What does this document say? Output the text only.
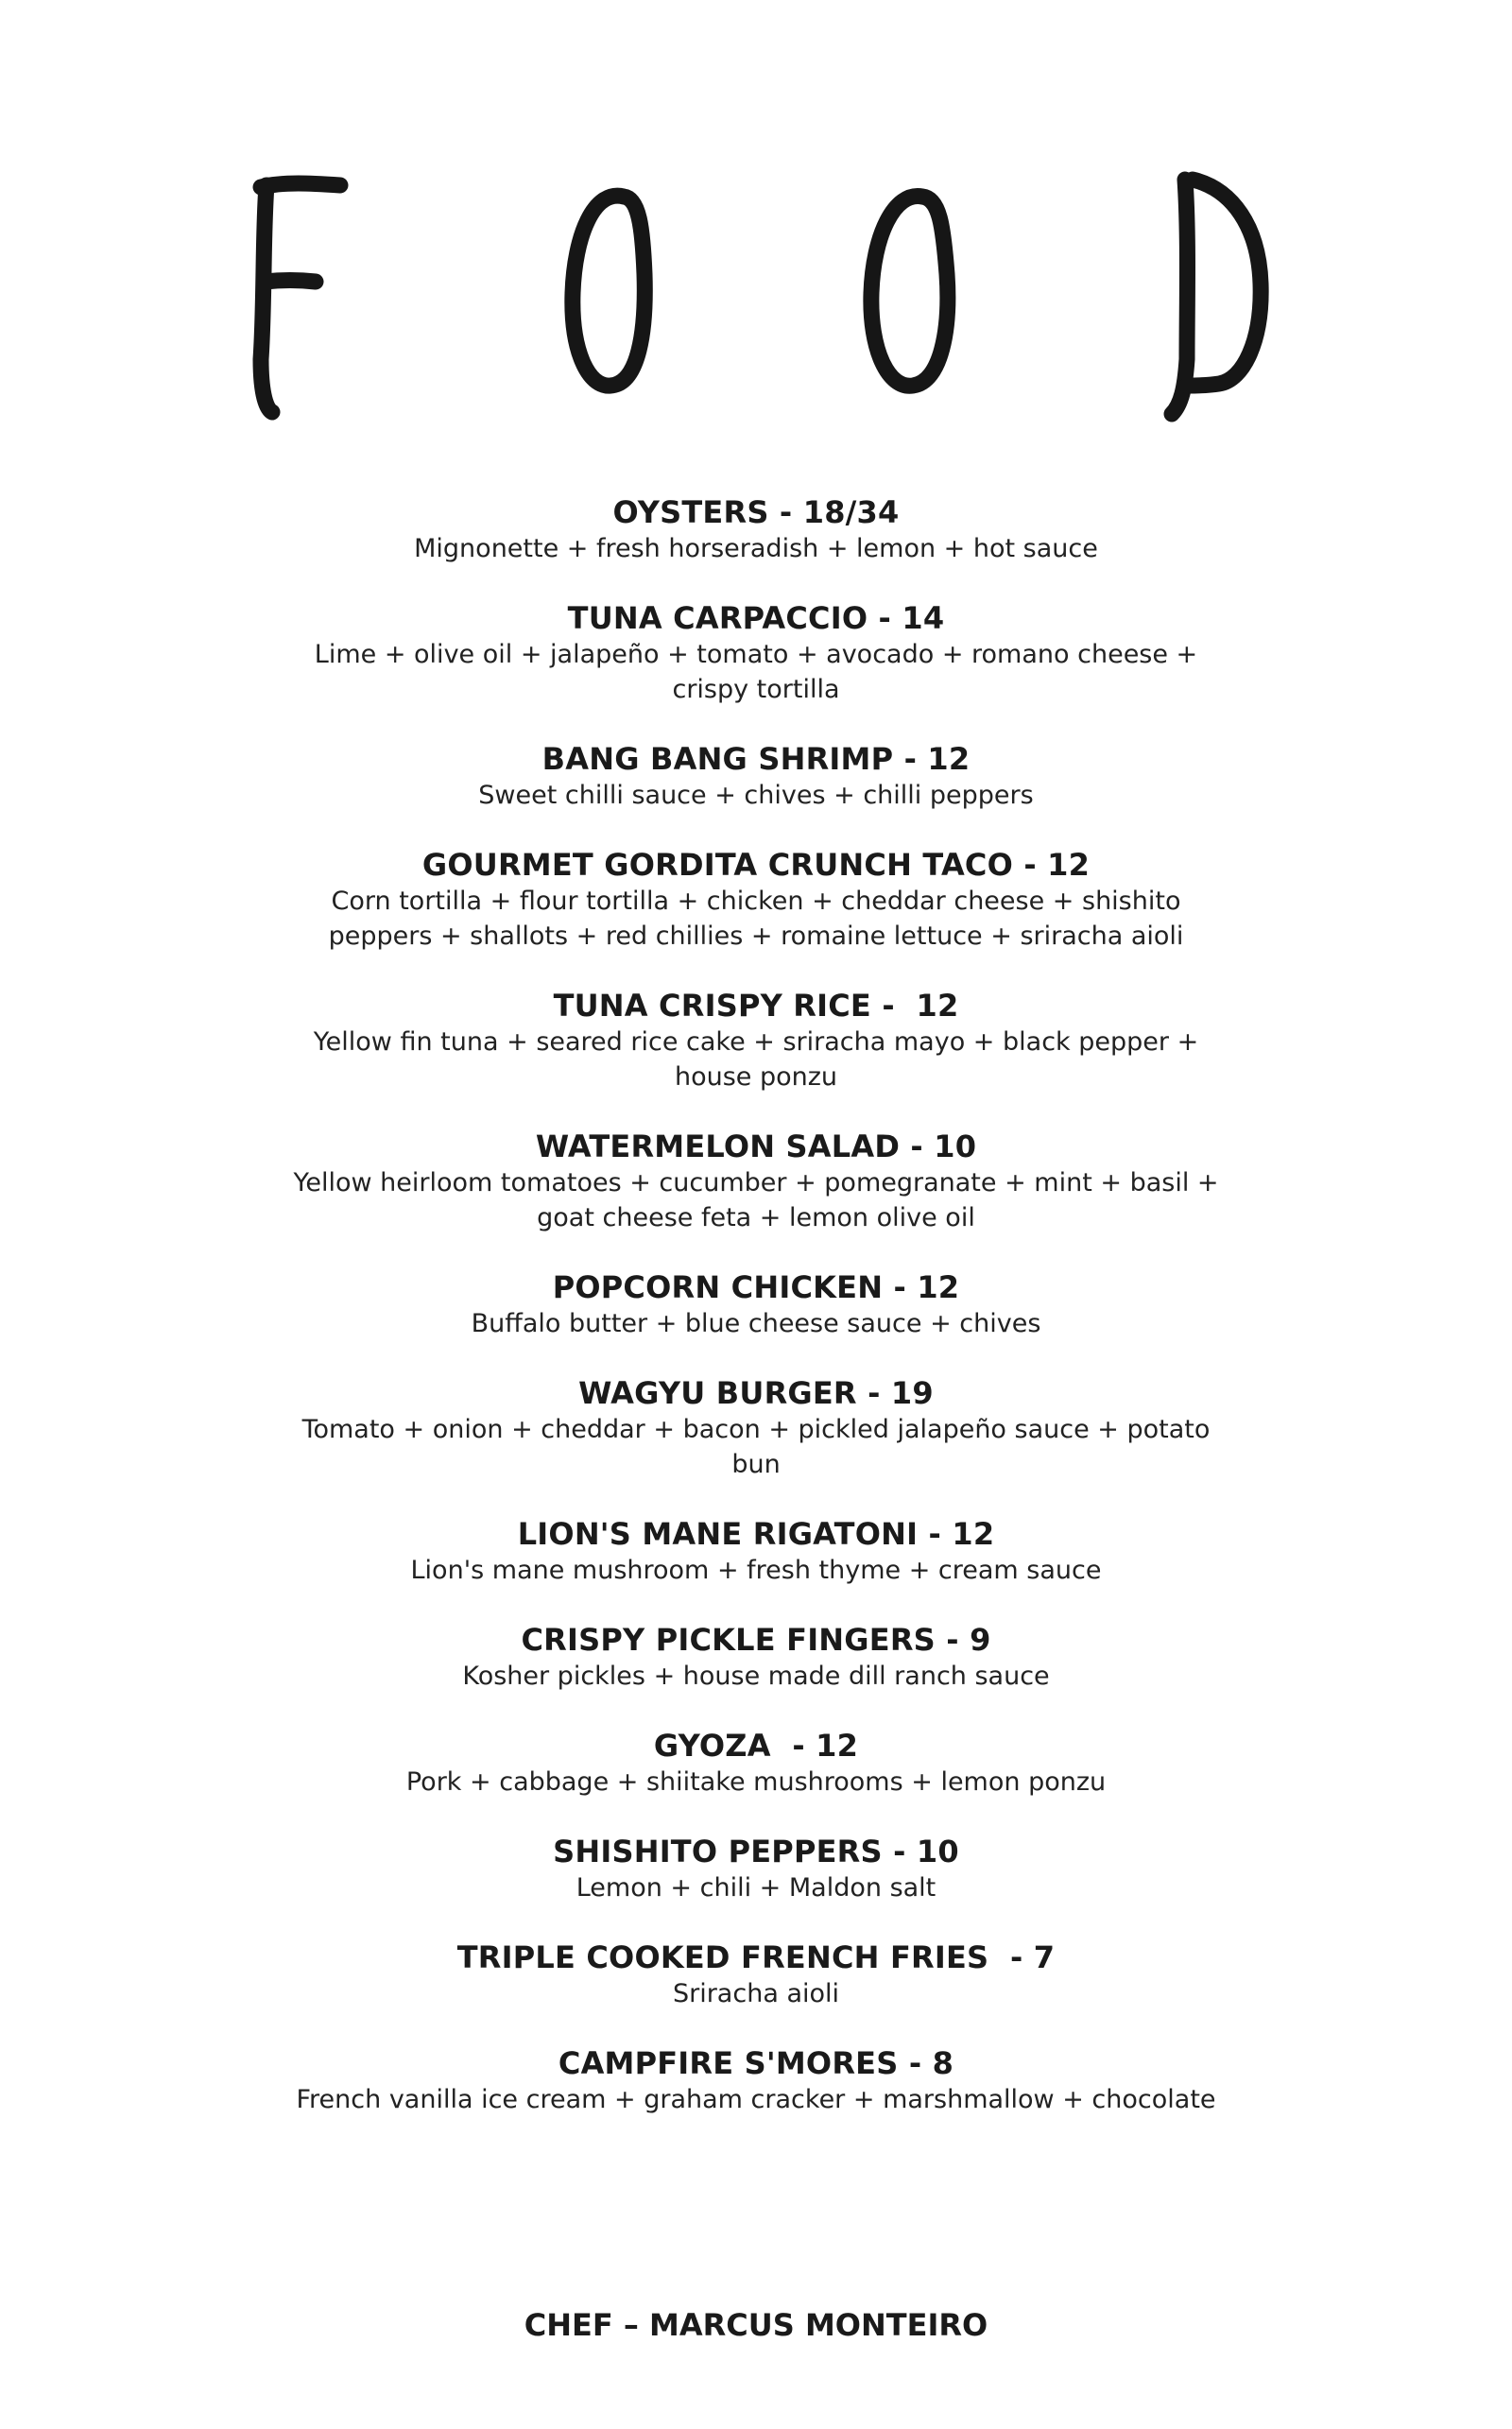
OYSTERS - 18/34
Mignonette + fresh horseradish + lemon + hot sauce
TUNA CARPACCIO - 14
Lime + olive oil + jalapeño + tomato + avocado + romano cheese + crispy tortilla
BANG BANG SHRIMP - 12
Sweet chilli sauce + chives + chilli peppers
GOURMET GORDITA CRUNCH TACO - 12
Corn tortilla + flour tortilla + chicken + cheddar cheese + shishito peppers + shallots + red chillies + romaine lettuce + sriracha aioli
TUNA CRISPY RICE -  12
Yellow fin tuna + seared rice cake + sriracha mayo + black pepper + house ponzu
WATERMELON SALAD - 10
Yellow heirloom tomatoes + cucumber + pomegranate + mint + basil + goat cheese feta + lemon olive oil
POPCORN CHICKEN - 12
Buffalo butter + blue cheese sauce + chives
WAGYU BURGER - 19
Tomato + onion + cheddar + bacon + pickled jalapeño sauce + potato bun
LION'S MANE RIGATONI - 12
Lion's mane mushroom + fresh thyme + cream sauce
CRISPY PICKLE FINGERS - 9
Kosher pickles + house made dill ranch sauce
GYOZA  - 12
Pork + cabbage + shiitake mushrooms + lemon ponzu
SHISHITO PEPPERS - 10
Lemon + chili + Maldon salt
TRIPLE COOKED FRENCH FRIES  - 7
Sriracha aioli
CAMPFIRE S'MORES - 8
French vanilla ice cream + graham cracker + marshmallow + chocolate
CHEF – MARCUS MONTEIRO
